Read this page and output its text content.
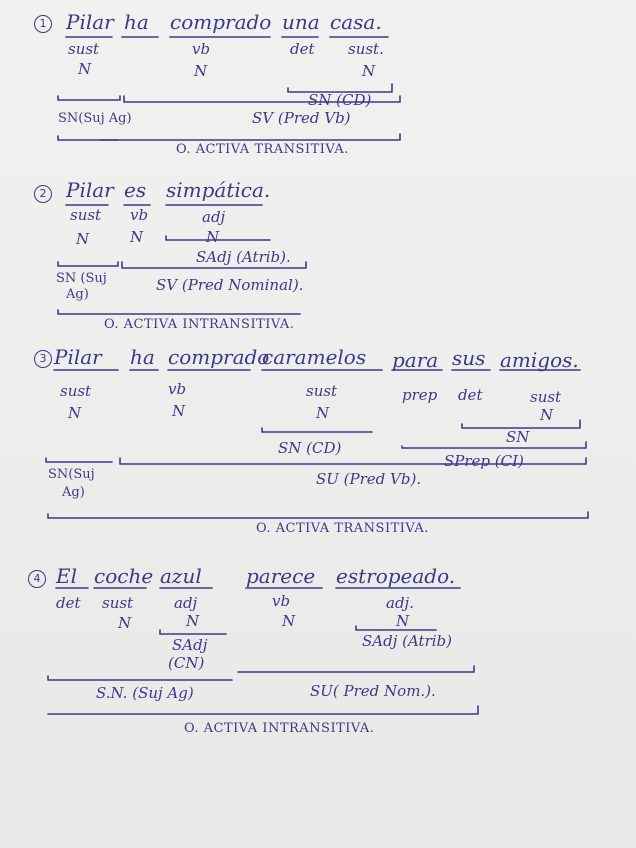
1 Pilar ha comprado una casa.
sust	vb	det sust.
N	N	N
SN (CD)
SN(Suj Ag)	SV (Pred Vb)
O. ACTIVA TRANSITIVA.
2 Pilar es simpática.
sust vb	adj
N	N	N
SAdj (Atrib).
SN (Suj
Ag)
SV (Pred Nominal).
O. ACTIVA INTRANSITIVA.
3 Pilar ha comprado
caramelos para sus amigos.
sust	vb	sust	prep det	sust
N	N	N	N
SN
SN (CD)
SPrep (CI)
SN(Suj
Ag)
SU (Pred Vb).
O. ACTIVA TRANSITIVA.
4 El coche azul parece estropeado.
det sust	adj	vb	adj.
N	N	N	N
SAdj
(CN)
SAdj (Atrib)
S.N. (Suj Ag)	SU( Pred Nom.).
O. ACTIVA INTRANSITIVA.
